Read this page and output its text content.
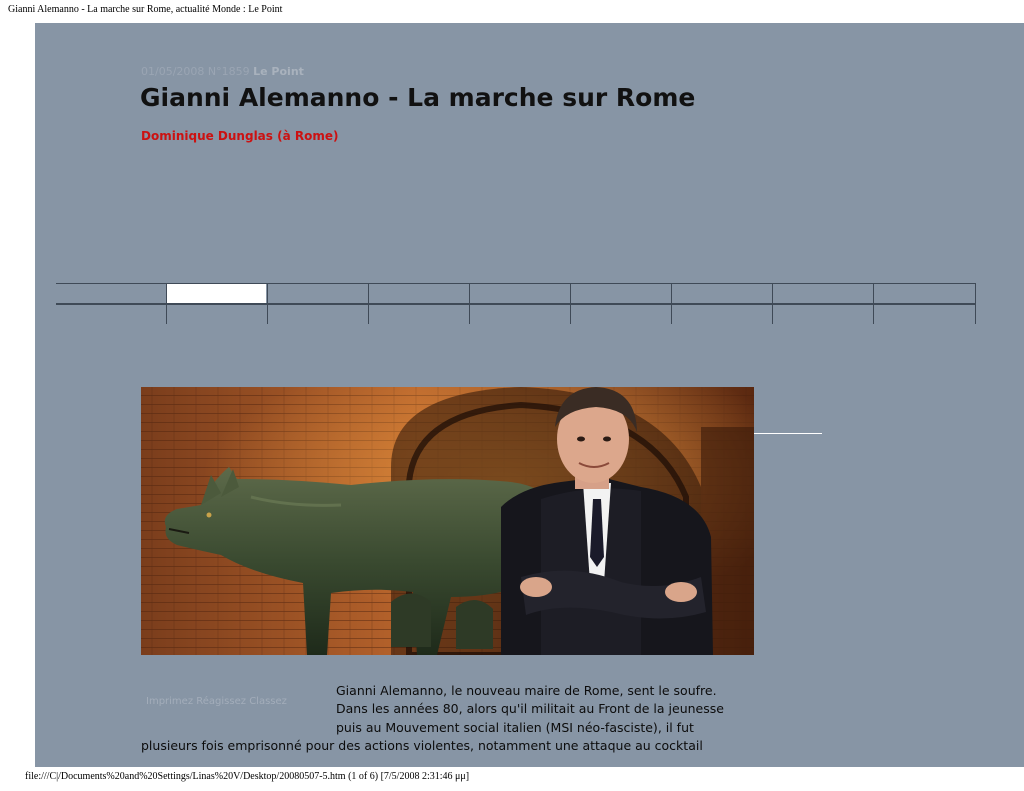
Gianni Alemanno - La marche sur Rome, actualité Monde : Le Point
01/05/2008 N°1859 Le Point
Gianni Alemanno - La marche sur Rome
Dominique Dunglas (à Rome)
Imprimez Réagissez Classez
Gianni Alemanno, le nouveau maire de Rome, sent le soufre.
Dans les années 80, alors qu'il militait au Front de la jeunesse
puis au Mouvement social italien (MSI néo-fasciste), il fut
plusieurs fois emprisonné pour des actions violentes, notamment une attaque au cocktail
file:///C|/Documents%20and%20Settings/Linas%20V/Desktop/20080507-5.htm (1 of 6) [7/5/2008 2:31:46 μμ]
